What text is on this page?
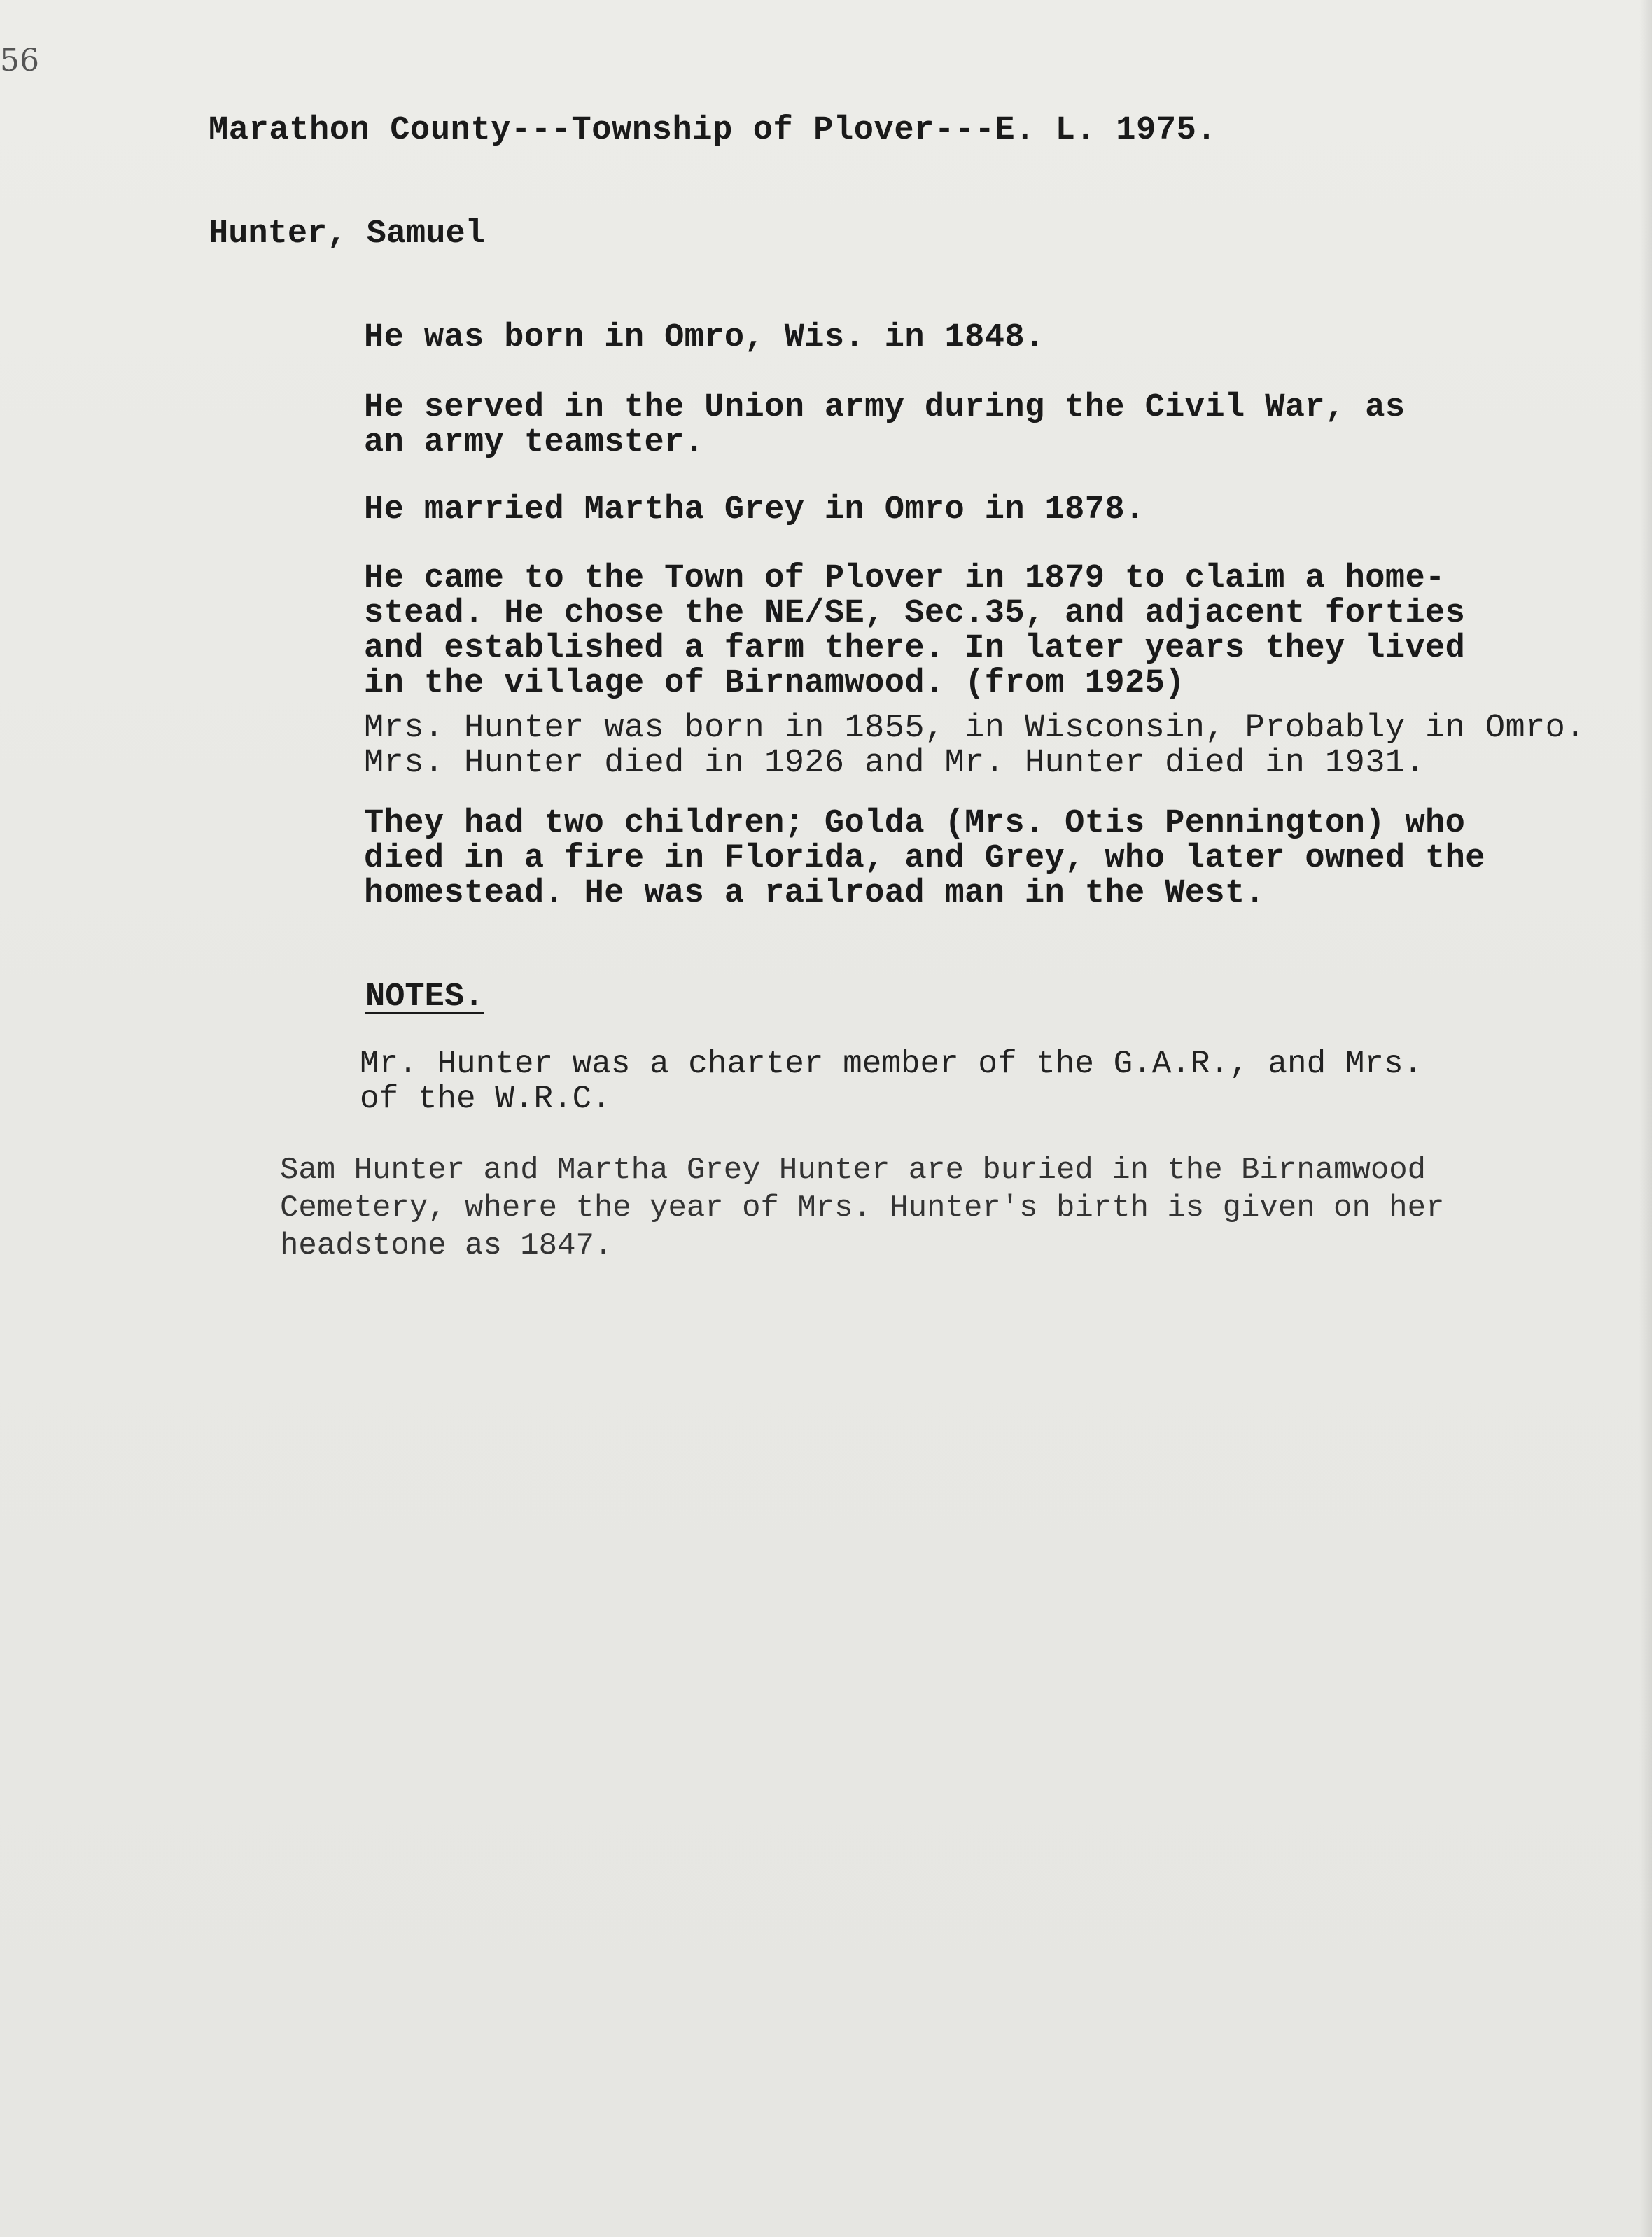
56

Marathon County---Township of Plover---E. L. 1975.

Hunter, Samuel

He was born in Omro, Wis. in 1848.

He served in the Union army during the Civil War, as
an army teamster.

He married Martha Grey in Omro in 1878.

He came to the Town of Plover in 1879 to claim a home-
stead. He chose the NE/SE, Sec.35, and adjacent forties
and established a farm there. In later years they lived
in the village of Birnamwood. (from 1925)

Mrs. Hunter was born in 1855, in Wisconsin, Probably in Omro.
Mrs. Hunter died in 1926 and Mr. Hunter died in 1931.

They had two children; Golda (Mrs. Otis Pennington) who
died in a fire in Florida, and Grey, who later owned the
homestead. He was a railroad man in the West.

NOTES.

Mr. Hunter was a charter member of the G.A.R., and Mrs.
of the W.R.C.

Sam Hunter and Martha Grey Hunter are buried in the Birnamwood
Cemetery, where the year of Mrs. Hunter's birth is given on her
headstone as 1847.
